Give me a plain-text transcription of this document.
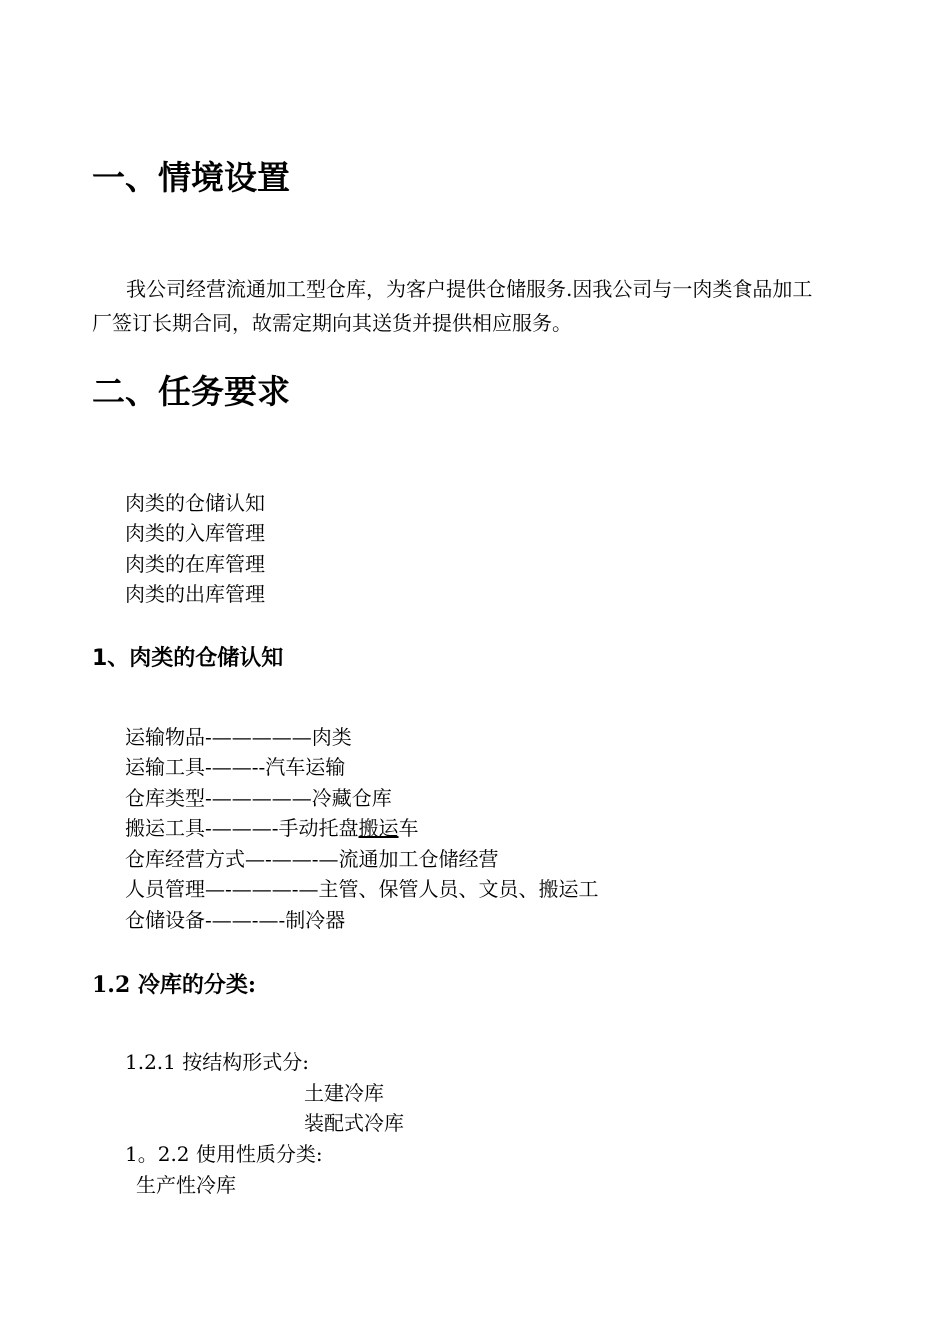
一、情境设置

我公司经营流通加工型仓库，为客户提供仓储服务.因我公司与一肉类食品加工厂签订长期合同，故需定期向其送货并提供相应服务。

二、任务要求
肉类的仓储认知
肉类的入库管理
肉类的在库管理
肉类的出库管理
1、肉类的仓储认知
运输物品-—————肉类
运输工具-——--汽车运输
仓库类型-—————冷藏仓库
搬运工具-———-手动托盘搬运车
仓库经营方式—-——-—流通加工仓储经营
人员管理—-———-—主管、保管人员、文员、搬运工
仓储设备-——-—-制冷器
1.2 冷库的分类:
1.2.1 按结构形式分:
土建冷库
装配式冷库
1。2.2 使用性质分类:
生产性冷库
